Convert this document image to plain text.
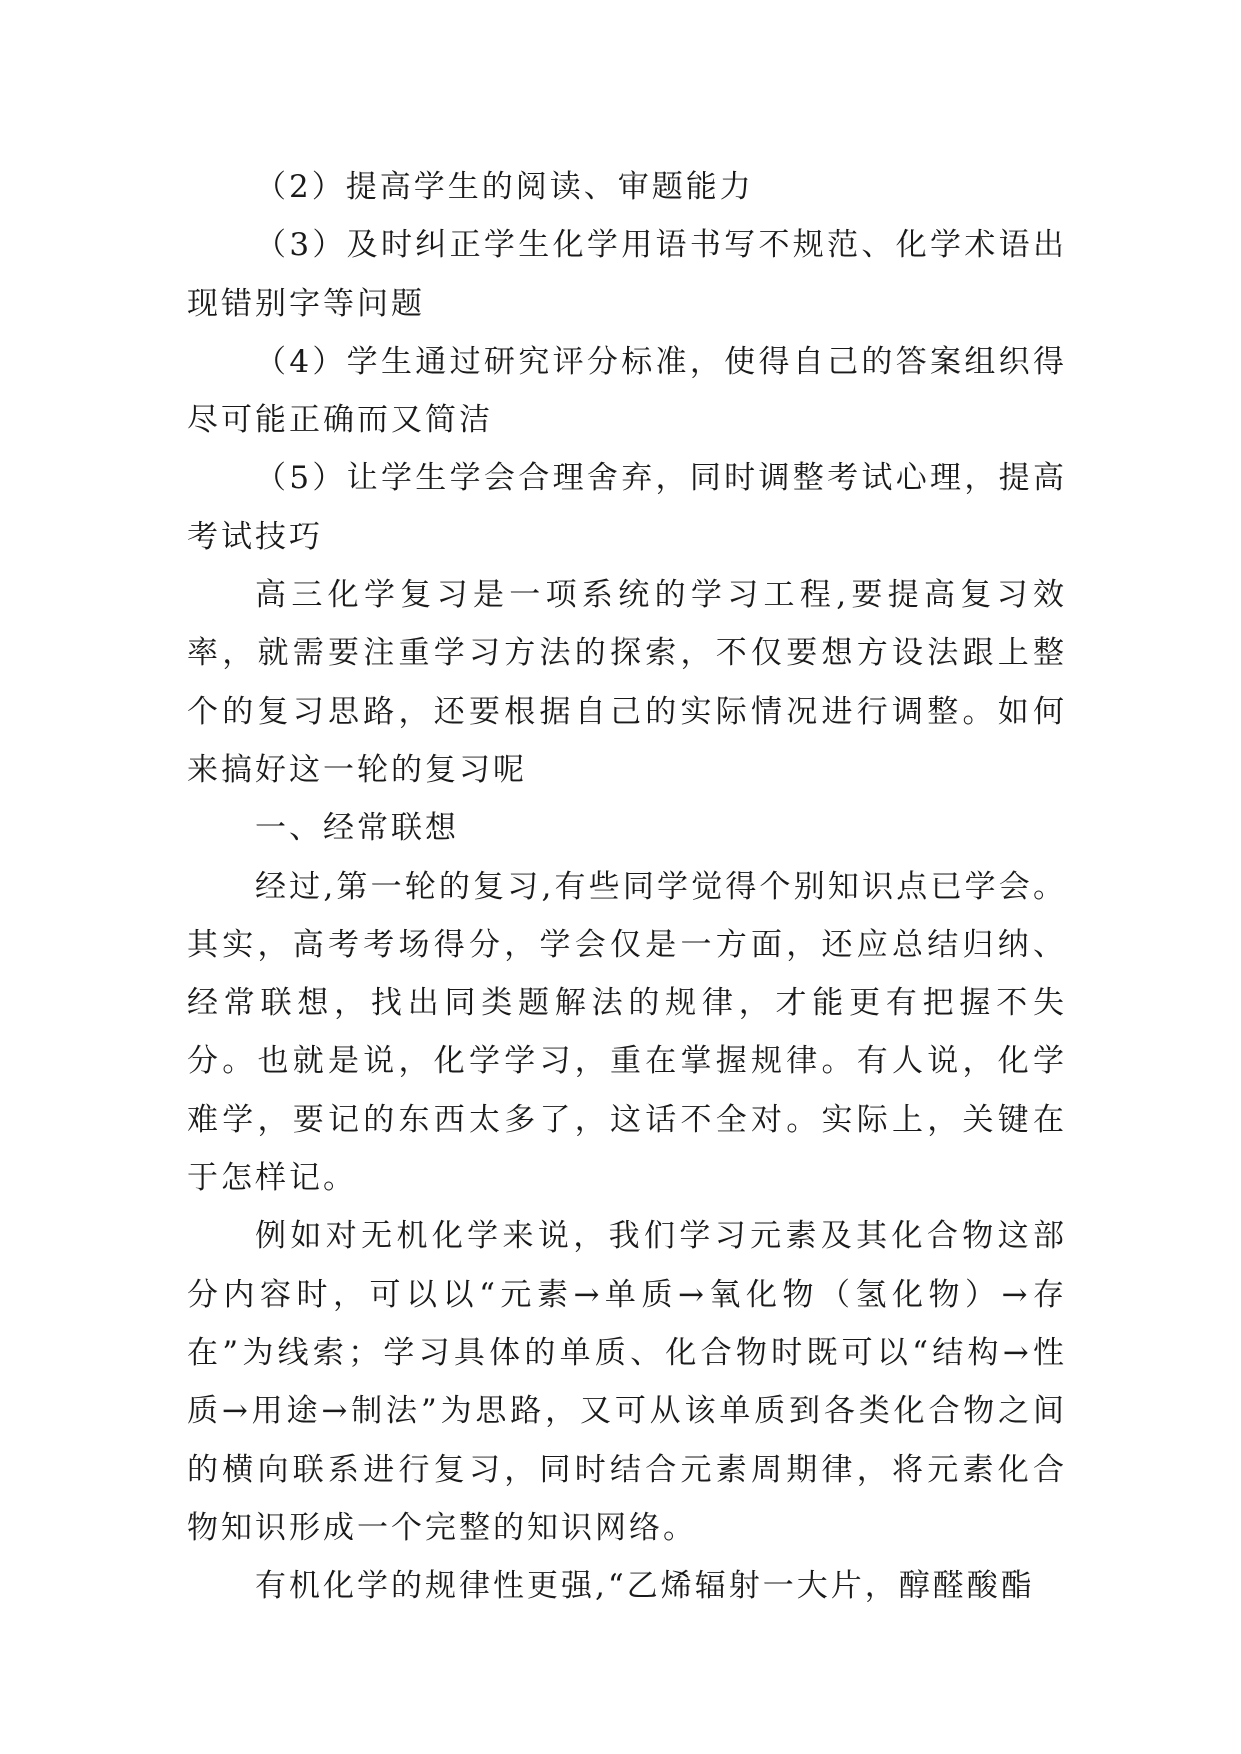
（2）提高学生的阅读、审题能力

（3）及时纠正学生化学用语书写不规范、化学术语出现错别字等问题

（4）学生通过研究评分标准，使得自己的答案组织得尽可能正确而又简洁

（5）让学生学会合理舍弃，同时调整考试心理，提高考试技巧

高三化学复习是一项系统的学习工程,要提高复习效率，就需要注重学习方法的探索，不仅要想方设法跟上整个的复习思路，还要根据自己的实际情况进行调整。如何来搞好这一轮的复习呢

一、经常联想

经过,第一轮的复习,有些同学觉得个别知识点已学会。其实，高考考场得分，学会仅是一方面，还应总结归纳、经常联想，找出同类题解法的规律，才能更有把握不失分。也就是说，化学学习，重在掌握规律。有人说，化学难学，要记的东西太多了，这话不全对。实际上，关键在于怎样记。

例如对无机化学来说，我们学习元素及其化合物这部分内容时，可以以“元素→单质→氧化物（氢化物）→存在”为线索；学习具体的单质、化合物时既可以“结构→性质→用途→制法”为思路，又可从该单质到各类化合物之间的横向联系进行复习，同时结合元素周期律，将元素化合物知识形成一个完整的知识网络。

有机化学的规律性更强,“乙烯辐射一大片，醇醛酸酯
